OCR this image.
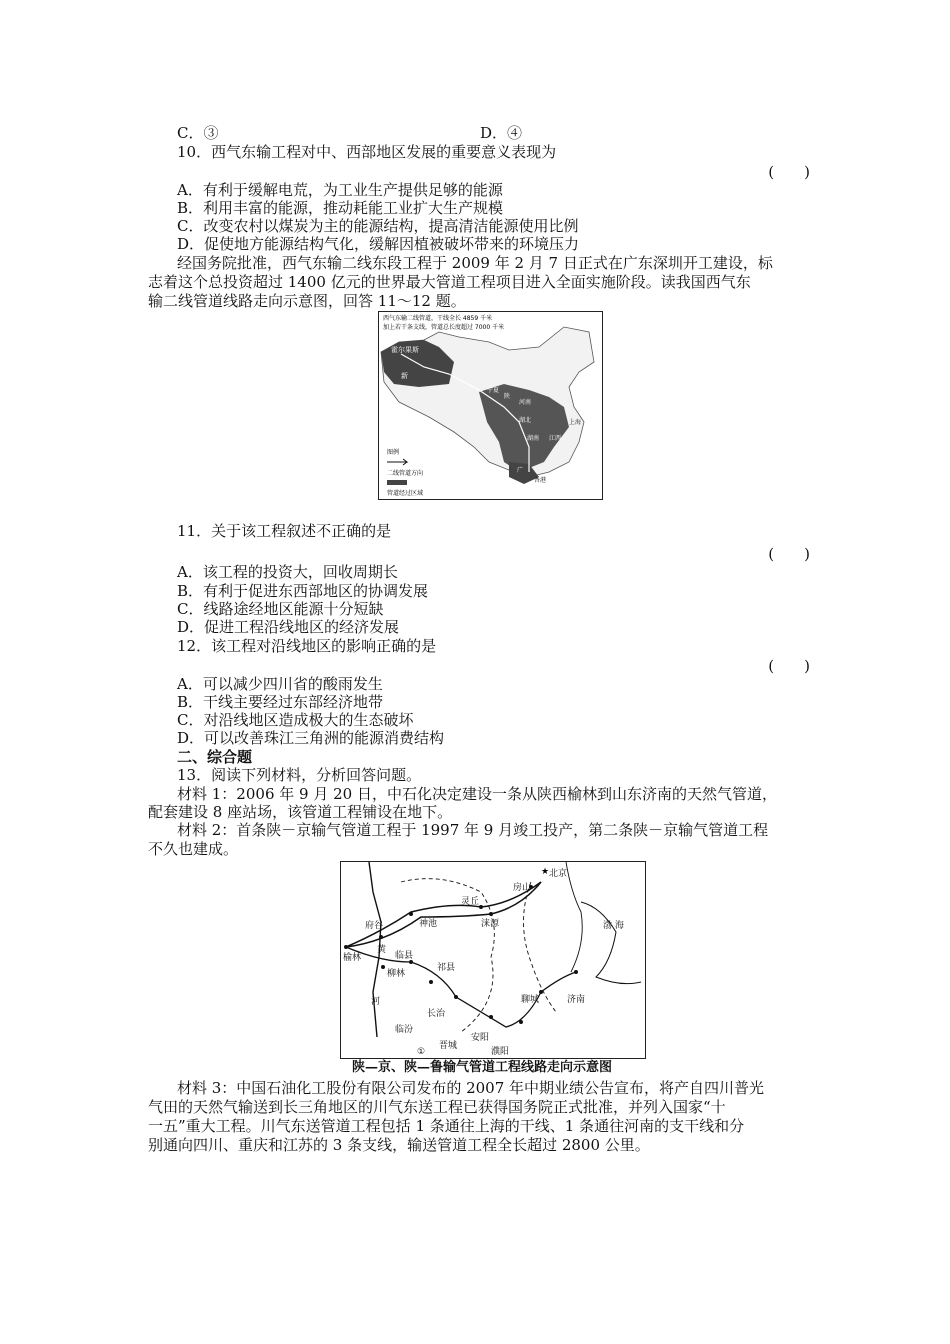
C．③	D．④
10．西气东输工程对中、西部地区发展的重要意义表现为
(　　)
A．有利于缓解电荒，为工业生产提供足够的能源
B．利用丰富的能源，推动耗能工业扩大生产规模
C．改变农村以煤炭为主的能源结构，提高清洁能源使用比例
D．促使地方能源结构气化，缓解因植被破坏带来的环境压力
经国务院批准，西气东输二线东段工程于 2009 年 2 月 7 日正式在广东深圳开工建设，标
志着这个总投资超过 1400 亿元的世界最大管道工程项目进入全面实施阶段。读我国西气东
输二线管道线路走向示意图，回答 11～12 题。
西气东输二线管道，干线全长 4859 千米
加上若干条支线，管道总长度超过 7000 千米
霍尔果斯
新
宁夏
陕
河南
湖北	上海
江西
湖南
广
香港
图例
二线管道方向
管道经过区域
11．关于该工程叙述不正确的是
(　　)
A．该工程的投资大，回收周期长
B．有利于促进东西部地区的协调发展
C．线路途经地区能源十分短缺
D．促进工程沿线地区的经济发展
12．该工程对沿线地区的影响正确的是
(　　)
A．可以减少四川省的酸雨发生
B．干线主要经过东部经济地带
C．对沿线地区造成极大的生态破坏
D．可以改善珠江三角洲的能源消费结构
二、综合题
13．阅读下列材料，分析回答问题。
材料 1：2006 年 9 月 20 日，中石化决定建设一条从陕西榆林到山东济南的天然气管道，
配套建设 8 座站场，该管道工程铺设在地下。
材料 2：首条陕－京输气管道工程于 1997 年 9 月竣工投产，第二条陕－京输气管道工程
不久也建成。
★ 北京
房山
灵丘
涞源
神池
府谷
榆林
黄
临县
柳林
祁县
河
长治
临汾
晋城
安阳
濮阳
聊城	济南
渤 海
①
陕—京、陕—鲁输气管道工程线路走向示意图
材料 3：中国石油化工股份有限公司发布的 2007 年中期业绩公告宣布，将产自四川普光
气田的天然气输送到长三角地区的川气东送工程已获得国务院正式批准，并列入国家“十
一五”重大工程。川气东送管道工程包括 1 条通往上海的干线、1 条通往河南的支干线和分
别通向四川、重庆和江苏的 3 条支线，输送管道工程全长超过 2800 公里。
